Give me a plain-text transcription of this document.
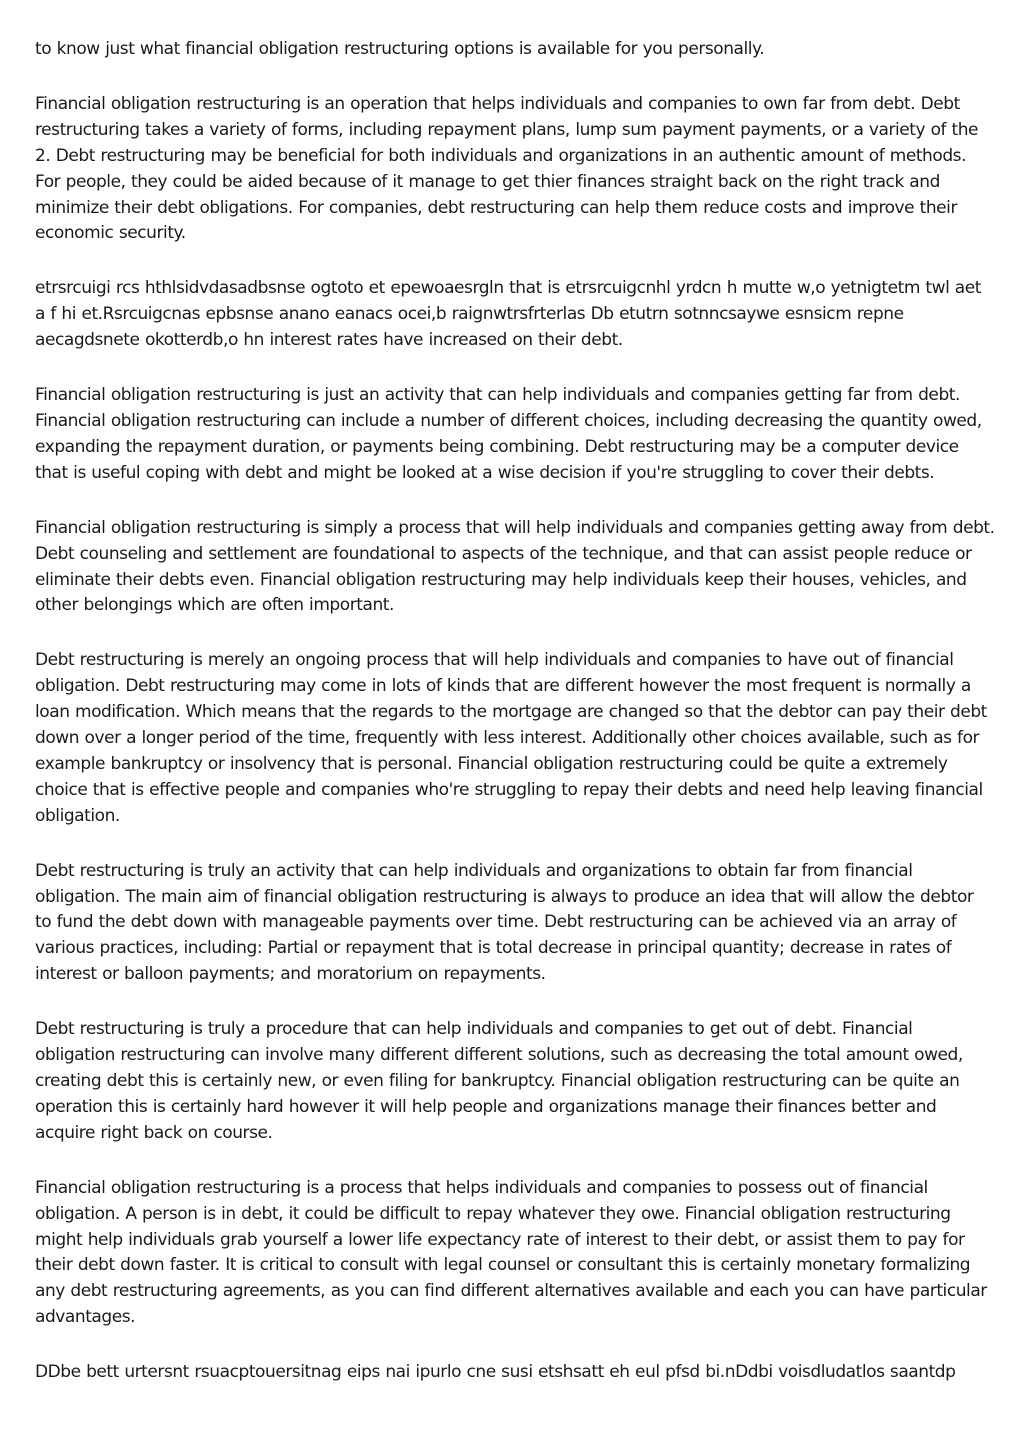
to know just what financial obligation restructuring options is available for you personally.

Financial obligation restructuring is an operation that helps individuals and companies to own far from debt. Debt restructuring takes a variety of forms, including repayment plans, lump sum payment payments, or a variety of the 2. Debt restructuring may be beneficial for both individuals and organizations in an authentic amount of methods. For people, they could be aided because of it manage to get thier finances straight back on the right track and minimize their debt obligations. For companies, debt restructuring can help them reduce costs and improve their economic security.

etrsrcuigi rcs hthlsidvdasadbsnse ogtoto et epewoaesrgln that is etrsrcuigcnhl yrdcn h mutte w,o yetnigtetm twl aet a f hi et.Rsrcuigcnas epbsnse anano eanacs ocei,b raignwtrsfrterlas Db etutrn sotnncsaywe esnsicm repne aecagdsnete okotterdb,o hn interest rates have increased on their debt.

Financial obligation restructuring is just an activity that can help individuals and companies getting far from debt. Financial obligation restructuring can include a number of different choices, including decreasing the quantity owed, expanding the repayment duration, or payments being combining. Debt restructuring may be a computer device that is useful coping with debt and might be looked at a wise decision if you're struggling to cover their debts.

Financial obligation restructuring is simply a process that will help individuals and companies getting away from debt. Debt counseling and settlement are foundational to aspects of the technique, and that can assist people reduce or eliminate their debts even. Financial obligation restructuring may help individuals keep their houses, vehicles, and other belongings which are often important.

Debt restructuring is merely an ongoing process that will help individuals and companies to have out of financial obligation. Debt restructuring may come in lots of kinds that are different however the most frequent is normally a loan modification. Which means that the regards to the mortgage are changed so that the debtor can pay their debt down over a longer period of the time, frequently with less interest. Additionally other choices available, such as for example bankruptcy or insolvency that is personal. Financial obligation restructuring could be quite a extremely choice that is effective people and companies who're struggling to repay their debts and need help leaving financial obligation.

Debt restructuring is truly an activity that can help individuals and organizations to obtain far from financial obligation. The main aim of financial obligation restructuring is always to produce an idea that will allow the debtor to fund the debt down with manageable payments over time. Debt restructuring can be achieved via an array of various practices, including: Partial or repayment that is total decrease in principal quantity; decrease in rates of interest or balloon payments; and moratorium on repayments.

Debt restructuring is truly a procedure that can help individuals and companies to get out of debt. Financial obligation restructuring can involve many different different solutions, such as decreasing the total amount owed, creating debt this is certainly new, or even filing for bankruptcy. Financial obligation restructuring can be quite an operation this is certainly hard however it will help people and organizations manage their finances better and acquire right back on course.

Financial obligation restructuring is a process that helps individuals and companies to possess out of financial obligation. A person is in debt, it could be difficult to repay whatever they owe. Financial obligation restructuring might help individuals grab yourself a lower life expectancy rate of interest to their debt, or assist them to pay for their debt down faster. It is critical to consult with legal counsel or consultant this is certainly monetary formalizing any debt restructuring agreements, as you can find different alternatives available and each you can have particular advantages.

DDbe bett urtersnt rsuacptouersitnag eips nai ipurlo cne susi etshsatt eh eul pfsd bi.nDdbi voisdludatlos saantdp
